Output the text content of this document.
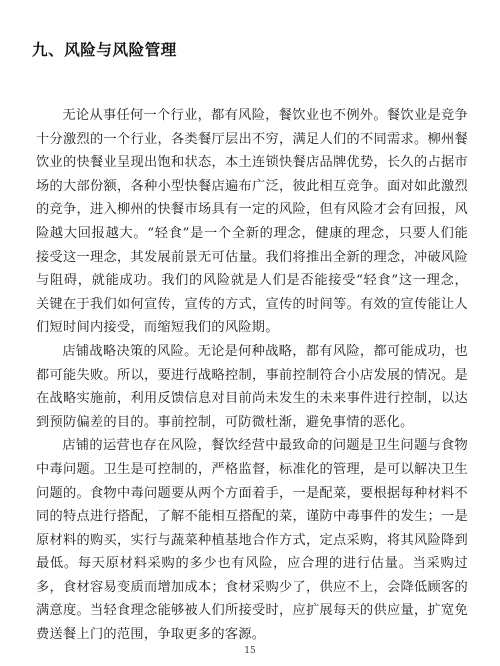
九、风险与风险管理

无论从事任何一个行业，都有风险，餐饮业也不例外。餐饮业是竞争十分激烈的一个行业，各类餐厅层出不穷，满足人们的不同需求。柳州餐饮业的快餐业呈现出饱和状态，本土连锁快餐店品牌优势，长久的占据市场的大部份额，各种小型快餐店遍布广泛，彼此相互竞争。面对如此激烈的竞争，进入柳州的快餐市场具有一定的风险，但有风险才会有回报，风险越大回报越大。“轻食”是一个全新的理念，健康的理念，只要人们能接受这一理念，其发展前景无可估量。我们将推出全新的理念，冲破风险与阻碍，就能成功。我们的风险就是人们是否能接受“轻食”这一理念，关键在于我们如何宣传，宣传的方式，宣传的时间等。有效的宣传能让人们短时间内接受，而缩短我们的风险期。

店铺战略决策的风险。无论是何种战略，都有风险，都可能成功，也都可能失败。所以，要进行战略控制，事前控制符合小店发展的情况。是在战略实施前，利用反馈信息对目前尚未发生的未来事件进行控制，以达到预防偏差的目的。事前控制，可防微杜渐，避免事情的恶化。

店铺的运营也存在风险，餐饮经营中最致命的问题是卫生问题与食物中毒问题。卫生是可控制的，严格监督，标准化的管理，是可以解决卫生问题的。食物中毒问题要从两个方面着手，一是配菜，要根据每种材料不同的特点进行搭配，了解不能相互搭配的菜，谨防中毒事件的发生；一是原材料的购买，实行与蔬菜种植基地合作方式，定点采购，将其风险降到最低。每天原材料采购的多少也有风险，应合理的进行估量。当采购过多，食材容易变质而增加成本；食材采购少了，供应不上，会降低顾客的满意度。当轻食理念能够被人们所接受时，应扩展每天的供应量，扩宽免费送餐上门的范围，争取更多的客源。

15
